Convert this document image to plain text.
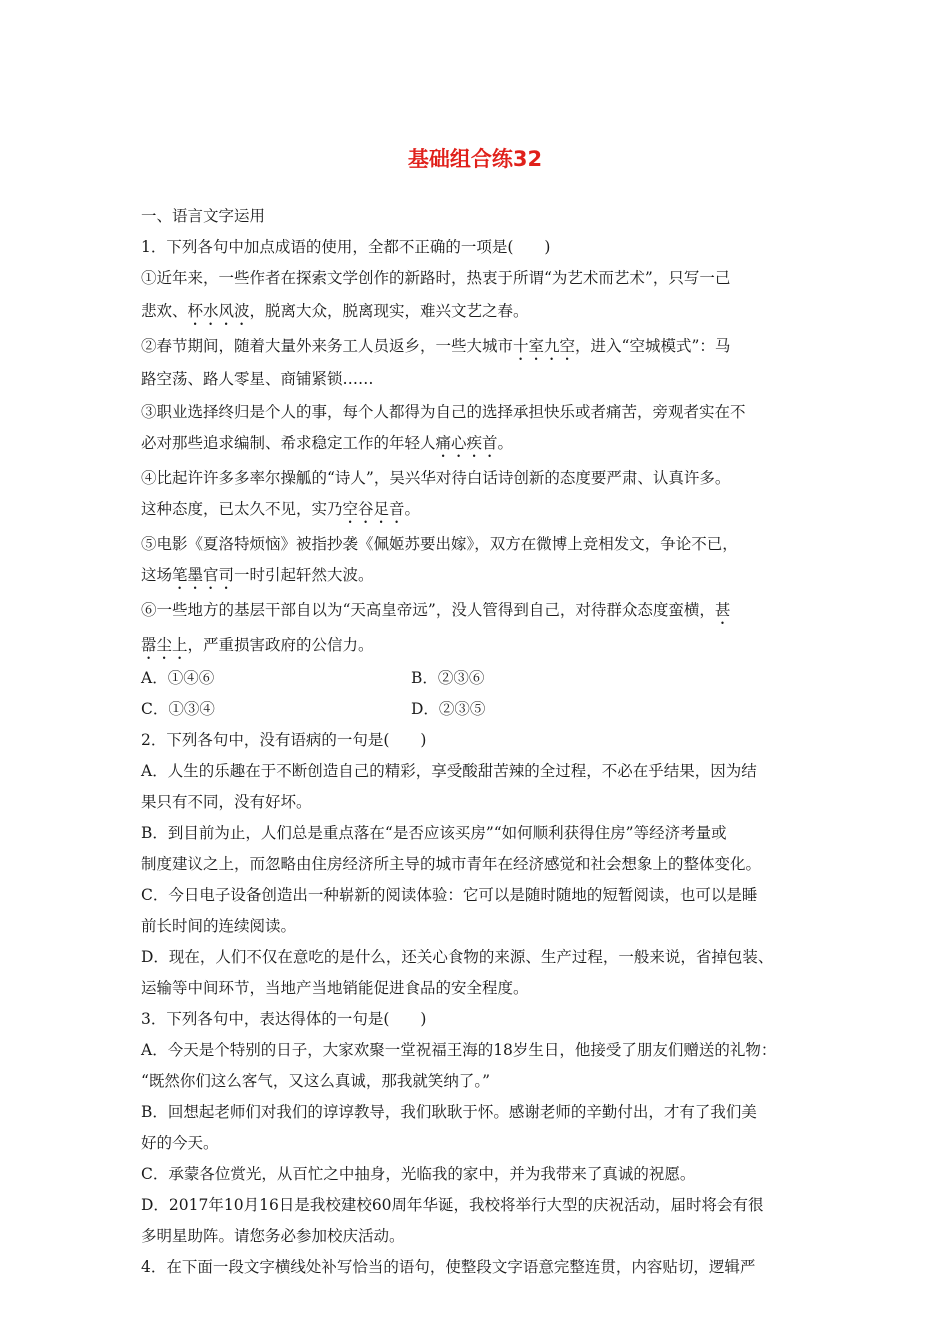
基础组合练32

一、语言文字运用

1．下列各句中加点成语的使用，全都不正确的一项是(　　)

①近年来，一些作者在探索文学创作的新路时，热衷于所谓“为艺术而艺术”，只写一己

悲欢、杯水风波，脱离大众，脱离现实，难兴文艺之春。

②春节期间，随着大量外来务工人员返乡，一些大城市十室九空，进入“空城模式”：马

路空荡、路人零星、商铺紧锁……

③职业选择终归是个人的事，每个人都得为自己的选择承担快乐或者痛苦，旁观者实在不

必对那些追求编制、希求稳定工作的年轻人痛心疾首。

④比起许许多多率尔操觚的“诗人”，吴兴华对待白话诗创新的态度要严肃、认真许多。

这种态度，已太久不见，实乃空谷足音。

⑤电影《夏洛特烦恼》被指抄袭《佩姬苏要出嫁》，双方在微博上竞相发文，争论不已，

这场笔墨官司一时引起轩然大波。

⑥一些地方的基层干部自以为“天高皇帝远”，没人管得到自己，对待群众态度蛮横，甚

嚣尘上，严重损害政府的公信力。

A．①④⑥	B．②③⑥
C．①③④	D．②③⑤

2．下列各句中，没有语病的一句是(　　)

A．人生的乐趣在于不断创造自己的精彩，享受酸甜苦辣的全过程，不必在乎结果，因为结

果只有不同，没有好坏。

B．到目前为止，人们总是重点落在“是否应该买房”“如何顺利获得住房”等经济考量或

制度建议之上，而忽略由住房经济所主导的城市青年在经济感觉和社会想象上的整体变化。

C．今日电子设备创造出一种崭新的阅读体验：它可以是随时随地的短暂阅读，也可以是睡

前长时间的连续阅读。

D．现在，人们不仅在意吃的是什么，还关心食物的来源、生产过程，一般来说，省掉包装、

运输等中间环节，当地产当地销能促进食品的安全程度。

3．下列各句中，表达得体的一句是(　　)

A．今天是个特别的日子，大家欢聚一堂祝福王海的18岁生日，他接受了朋友们赠送的礼物：

“既然你们这么客气，又这么真诚，那我就笑纳了。”

B．回想起老师们对我们的谆谆教导，我们耿耿于怀。感谢老师的辛勤付出，才有了我们美

好的今天。

C．承蒙各位赏光，从百忙之中抽身，光临我的家中，并为我带来了真诚的祝愿。

D．2017年10月16日是我校建校60周年华诞，我校将举行大型的庆祝活动，届时将会有很

多明星助阵。请您务必参加校庆活动。

4．在下面一段文字横线处补写恰当的语句，使整段文字语意完整连贯，内容贴切，逻辑严
